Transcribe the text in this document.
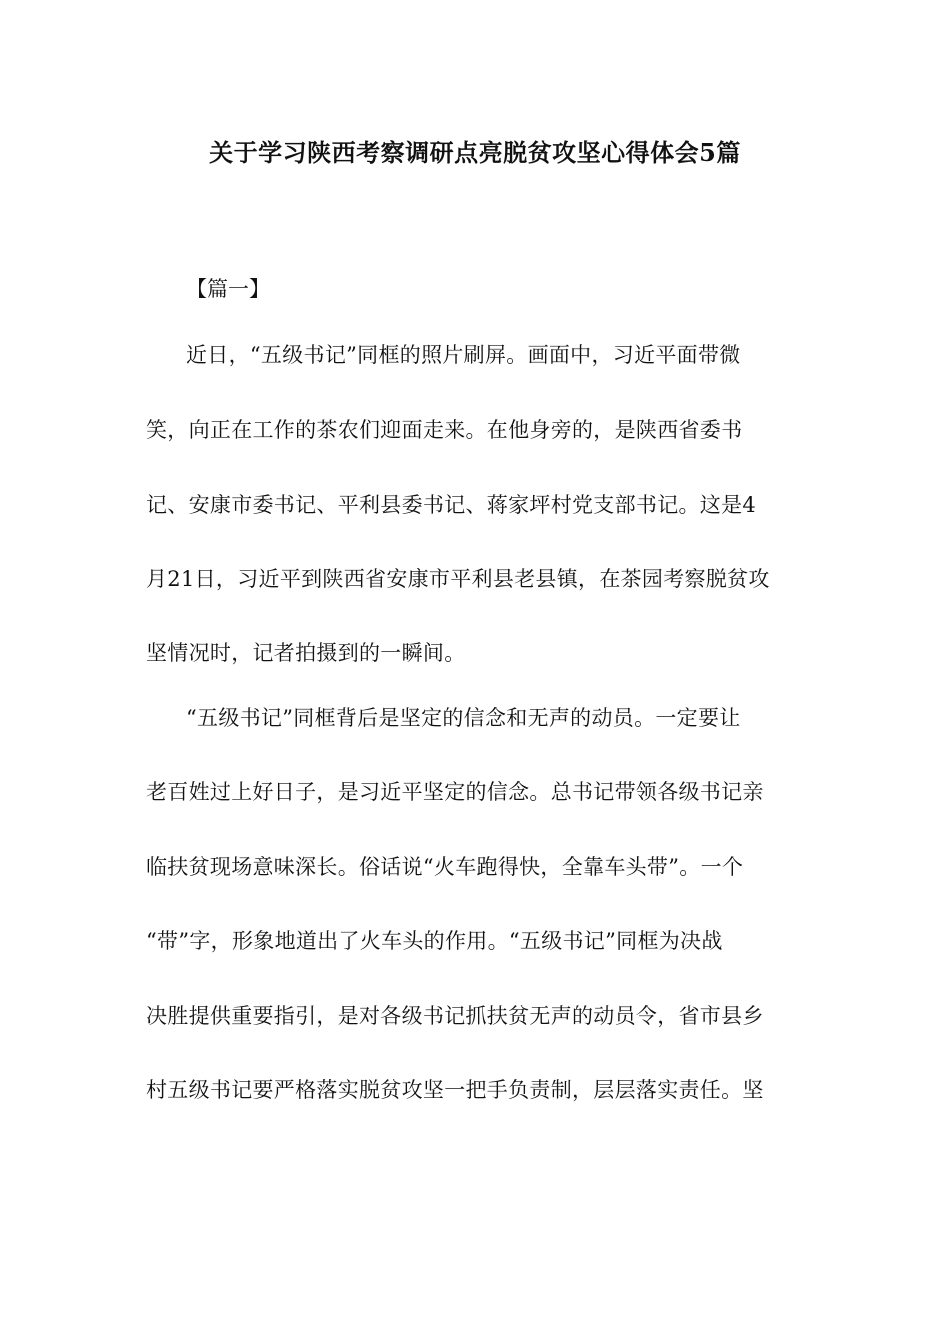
关于学习陕西考察调研点亮脱贫攻坚心得体会5篇
【篇一】
近日，“五级书记”同框的照片刷屏。画面中，习近平面带微
笑，向正在工作的茶农们迎面走来。在他身旁的，是陕西省委书
记、安康市委书记、平利县委书记、蒋家坪村党支部书记。这是4
月21日，习近平到陕西省安康市平利县老县镇，在茶园考察脱贫攻
坚情况时，记者拍摄到的一瞬间。
“五级书记”同框背后是坚定的信念和无声的动员。一定要让
老百姓过上好日子，是习近平坚定的信念。总书记带领各级书记亲
临扶贫现场意味深长。俗话说“火车跑得快，全靠车头带”。一个
“带”字，形象地道出了火车头的作用。“五级书记”同框为决战
决胜提供重要指引，是对各级书记抓扶贫无声的动员令，省市县乡
村五级书记要严格落实脱贫攻坚一把手负责制，层层落实责任。坚
